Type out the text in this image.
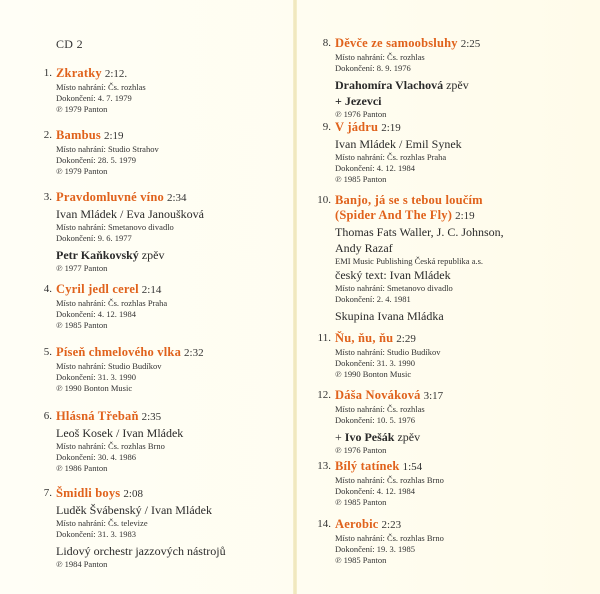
CD 2
1. Zkratky 2:12.
Místo nahrání: Čs. rozhlas
Dokončení: 4. 7. 1979
℗ 1979 Panton
2. Bambus 2:19
Místo nahrání: Studio Strahov
Dokončení: 28. 5. 1979
℗ 1979 Panton
3. Pravdomluvné víno 2:34
Ivan Mládek / Eva Janoušková
Místo nahrání: Smetanovo divadlo
Dokončení: 9. 6. 1977
Petr Kaňkovský zpěv
℗ 1977 Panton
4. Cyril jedl cerel 2:14
Místo nahrání: Čs. rozhlas Praha
Dokončení: 4. 12. 1984
℗ 1985 Panton
5. Píseň chmelového vlka 2:32
Místo nahrání: Studio Budíkov
Dokončení: 31. 3. 1990
℗ 1990 Bonton Music
6. Hlásná Třebaň 2:35
Leoš Kosek / Ivan Mládek
Místo nahrání: Čs. rozhlas Brno
Dokončení: 30. 4. 1986
℗ 1986 Panton
7. Šmidli boys 2:08
Luděk Švábenský / Ivan Mládek
Místo nahrání: Čs. televize
Dokončení: 31. 3. 1983
Lidový orchestr jazzových nástrojů
℗ 1984 Panton
8. Děvče ze samoobsluhy 2:25
Místo nahrání: Čs. rozhlas
Dokončení: 8. 9. 1976
Drahomíra Vlachová zpěv
+ Jezevci
℗ 1976 Panton
9. V jádru 2:19
Ivan Mládek / Emil Synek
Místo nahrání: Čs. rozhlas Praha
Dokončení: 4. 12. 1984
℗ 1985 Panton
10. Banjo, já se s tebou loučím
(Spider And The Fly) 2:19
Thomas Fats Waller, J. C. Johnson,
Andy Razaf
EMI Music Publishing Česká republika a.s.
český text: Ivan Mládek
Místo nahrání: Smetanovo divadlo
Dokončení: 2. 4. 1981
Skupina Ivana Mládka
11. Ňu, ňu, ňu 2:29
Místo nahrání: Studio Budíkov
Dokončení: 31. 3. 1990
℗ 1990 Bonton Music
12. Dáša Nováková 3:17
Místo nahrání: Čs. rozhlas
Dokončení: 10. 5. 1976
+ Ivo Pešák zpěv
℗ 1976 Panton
13. Bílý tatínek 1:54
Místo nahrání: Čs. rozhlas Brno
Dokončení: 4. 12. 1984
℗ 1985 Panton
14. Aerobic 2:23
Místo nahrání: Čs. rozhlas Brno
Dokončení: 19. 3. 1985
℗ 1985 Panton
